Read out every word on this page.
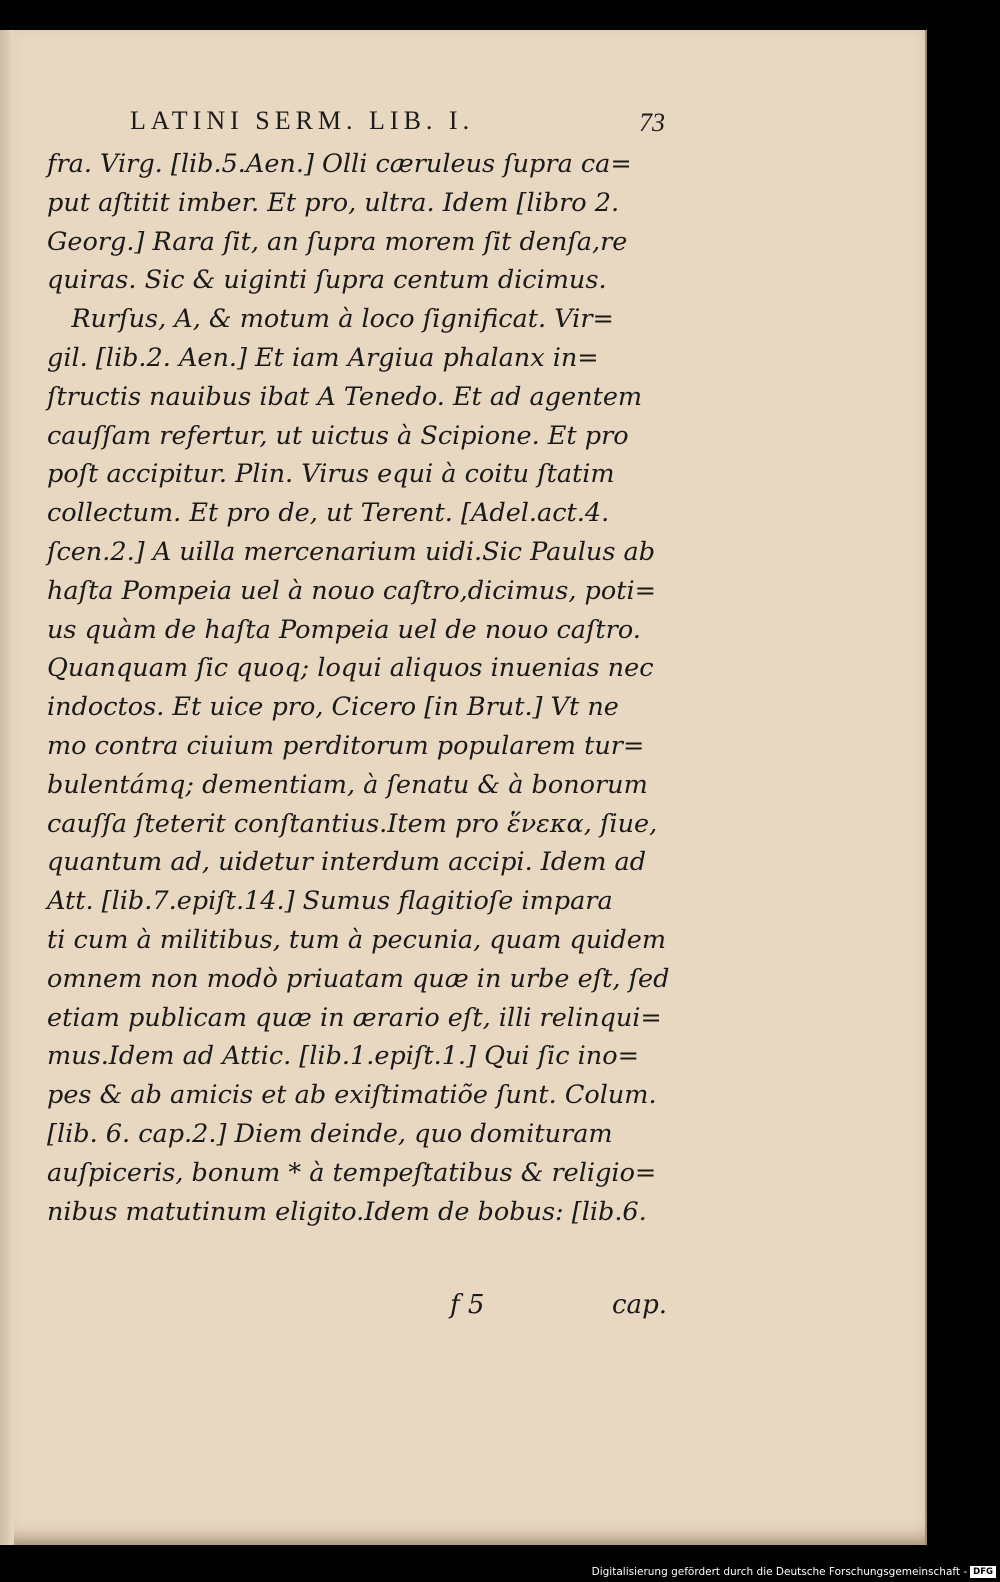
LATINI SERM. LIB. I.	73
fra. Virg. [lib.5.Aen.] Olli cæruleus ſupra ca=
put aſtitit imber. Et pro, ultra. Idem [libro 2.
Georg.] Rara ſit, an ſupra morem ſit denſa,re
quiras. Sic & uiginti ſupra centum dicimus.
Rurſus, A, & motum à loco ſignificat. Vir=
gil. [lib.2. Aen.] Et iam Argiua phalanx in=
ſtructis nauibus ibat A Tenedo. Et ad agentem
cauſſam refertur, ut uictus à Scipione. Et pro
poſt accipitur. Plin. Virus equi à coitu ſtatim
collectum. Et pro de, ut Terent. [Adel.act.4.
ſcen.2.] A uilla mercenarium uidi.Sic Paulus ab
haſta Pompeia uel à nouo caſtro,dicimus, poti=
us quàm de haſta Pompeia uel de nouo caſtro.
Quanquam ſic quoq; loqui aliquos inuenias nec
indoctos. Et uice pro, Cicero [in Brut.] Vt ne
mo contra ciuium perditorum popularem tur=
bulentámq; dementiam, à ſenatu & à bonorum
cauſſa ſteterit conſtantius.Item pro ἕνεκα, ſiue,
quantum ad, uidetur interdum accipi. Idem ad
Att. [lib.7.epiſt.14.] Sumus flagitioſe impara
ti cum à militibus, tum à pecunia, quam quidem
omnem non modò priuatam quæ in urbe eſt, ſed
etiam publicam quæ in ærario eſt, illi relinqui=
mus.Idem ad Attic. [lib.1.epiſt.1.] Qui ſic ino=
pes & ab amicis et ab exiſtimatiõe ſunt. Colum.
[lib. 6. cap.2.] Diem deinde, quo domituram
auſpiceris, bonum * à tempeſtatibus & religio=
nibus matutinum eligito.Idem de bobus: [lib.6.
f 5	cap.
Digitalisierung gefördert durch die Deutsche Forschungsgemeinschaft - DFG
